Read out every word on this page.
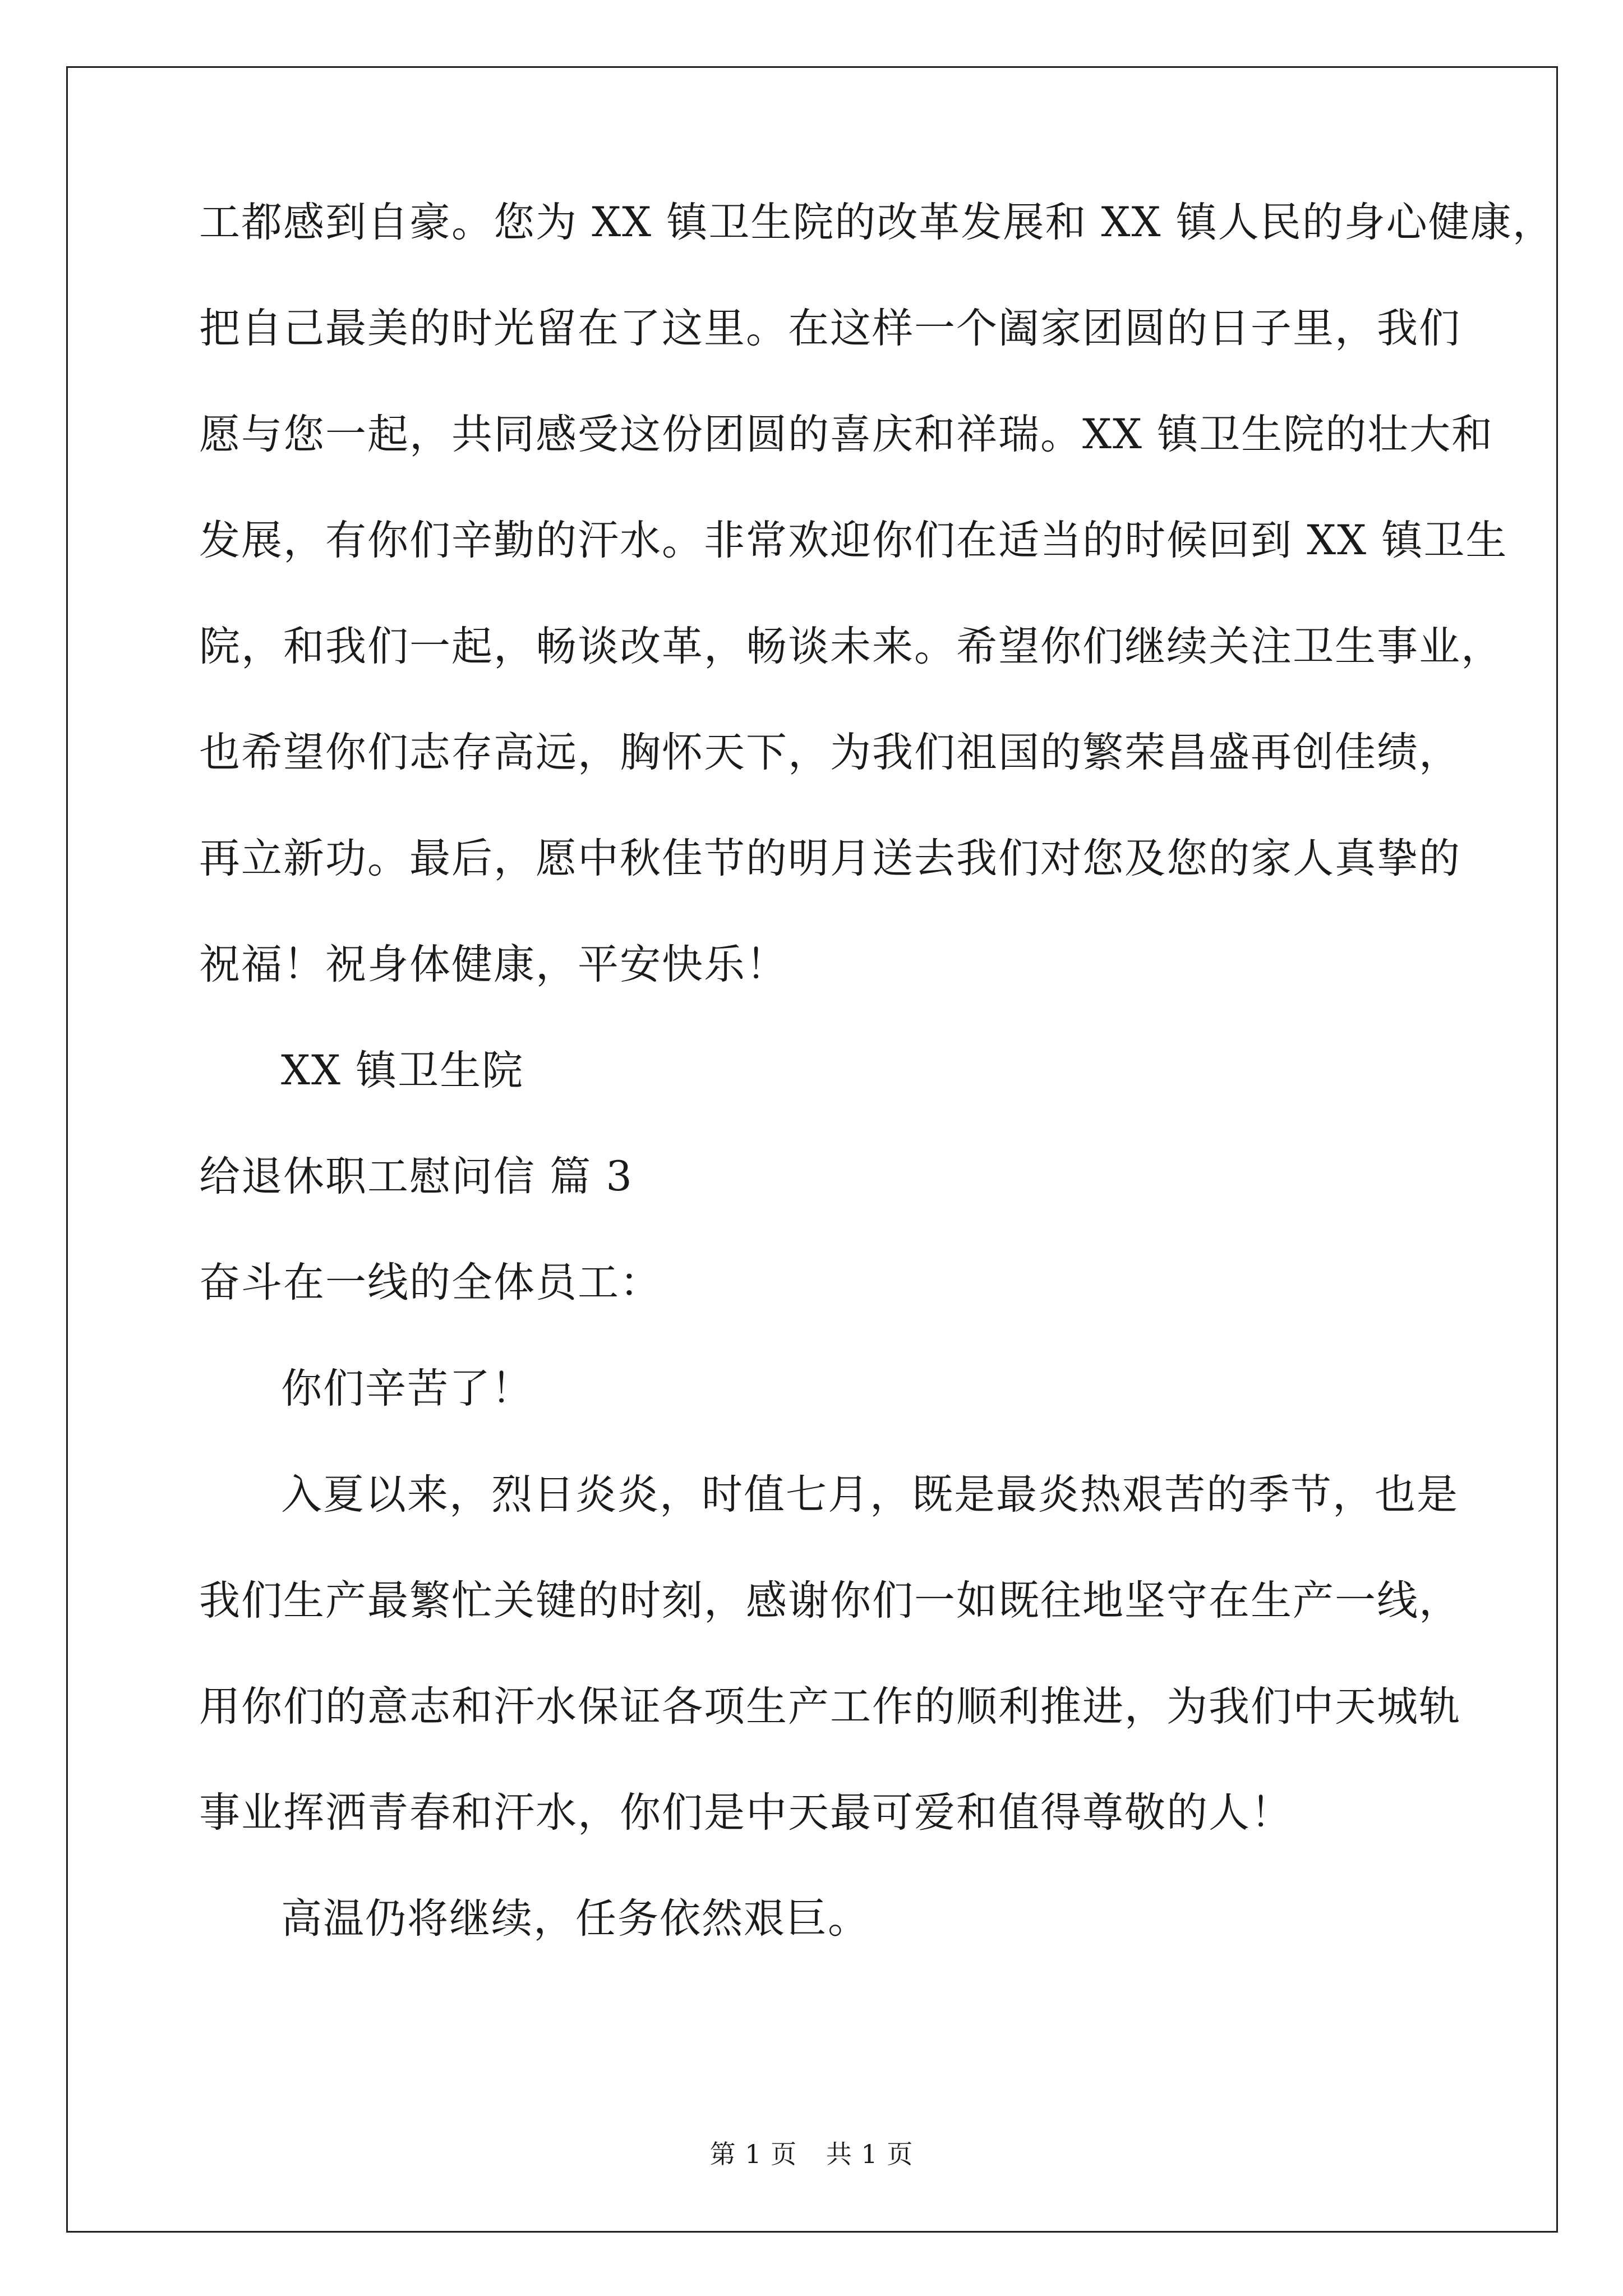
工都感到自豪。您为 XX 镇卫生院的改革发展和 XX 镇人民的身心健康，
把自己最美的时光留在了这里。在这样一个阖家团圆的日子里，我们
愿与您一起，共同感受这份团圆的喜庆和祥瑞。XX 镇卫生院的壮大和
发展，有你们辛勤的汗水。非常欢迎你们在适当的时候回到 XX 镇卫生
院，和我们一起，畅谈改革，畅谈未来。希望你们继续关注卫生事业，
也希望你们志存高远，胸怀天下，为我们祖国的繁荣昌盛再创佳绩，
再立新功。最后，愿中秋佳节的明月送去我们对您及您的家人真挚的
祝福！祝身体健康，平安快乐！
XX 镇卫生院
给退休职工慰问信 篇 3
奋斗在一线的全体员工：
你们辛苦了！
入夏以来，烈日炎炎，时值七月，既是最炎热艰苦的季节，也是
我们生产最繁忙关键的时刻，感谢你们一如既往地坚守在生产一线，
用你们的意志和汗水保证各项生产工作的顺利推进，为我们中天城轨
事业挥洒青春和汗水，你们是中天最可爱和值得尊敬的人！
高温仍将继续，任务依然艰巨。
第 1 页 共 1 页
